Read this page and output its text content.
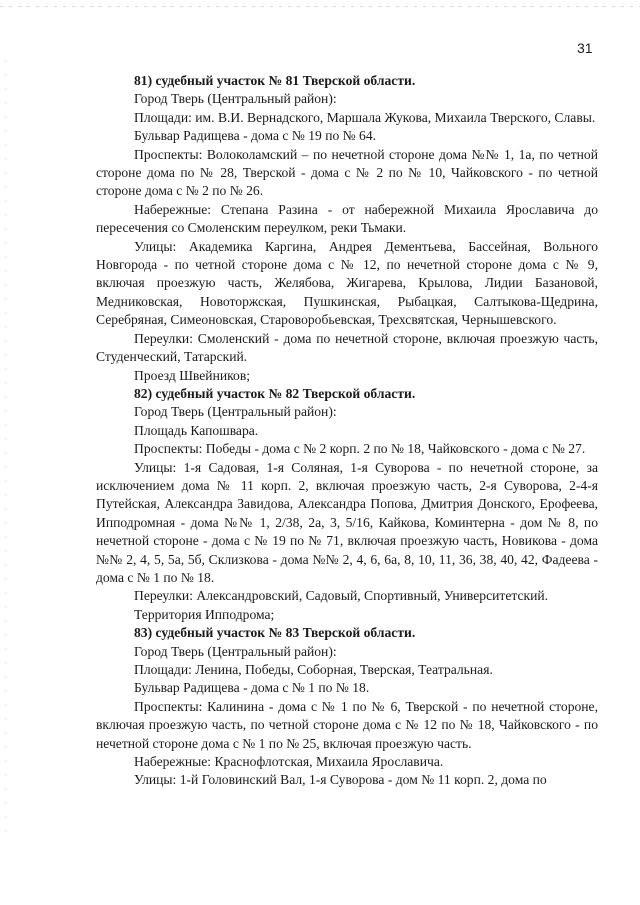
31

81) судебный участок № 81 Тверской области.

Город Тверь (Центральный район):

Площади: им. В.И. Вернадского, Маршала Жукова, Михаила Тверского, Славы.

Бульвар Радищева - дома с № 19 по № 64.

Проспекты: Волоколамский – по нечетной стороне дома №№ 1, 1а, по четной стороне дома по № 28, Тверской - дома с № 2 по № 10, Чайковского - по четной стороне дома с № 2 по № 26.

Набережные: Степана Разина - от набережной Михаила Ярославича до пересечения со Смоленским переулком, реки Тьмаки.

Улицы: Академика Каргина, Андрея Дементьева, Бассейная, Вольного Новгорода - по четной стороне дома с № 12, по нечетной стороне дома с № 9, включая проезжую часть, Желябова, Жигарева, Крылова, Лидии Базановой, Медниковская, Новоторжская, Пушкинская, Рыбацкая, Салтыкова-Щедрина, Серебряная, Симеоновская, Староворобьевская, Трехсвятская, Чернышевского.

Переулки: Смоленский - дома по нечетной стороне, включая проезжую часть, Студенческий, Татарский.

Проезд Швейников;

82) судебный участок № 82 Тверской области.

Город Тверь (Центральный район):

Площадь Капошвара.

Проспекты: Победы - дома с № 2 корп. 2 по № 18, Чайковского - дома с № 27.

Улицы: 1-я Садовая, 1-я Соляная, 1-я Суворова - по нечетной стороне, за исключением дома № 11 корп. 2, включая проезжую часть, 2-я Суворова, 2-4-я Путейская, Александра Завидова, Александра Попова, Дмитрия Донского, Ерофеева, Ипподромная - дома №№ 1, 2/38, 2а, 3, 5/16, Кайкова, Коминтерна - дом № 8, по нечетной стороне - дома с № 19 по № 71, включая проезжую часть, Новикова - дома №№ 2, 4, 5, 5а, 5б, Склизкова - дома №№ 2, 4, 6, 6а, 8, 10, 11, 36, 38, 40, 42, Фадеева - дома с № 1 по № 18.

Переулки: Александровский, Садовый, Спортивный, Университетский.

Территория Ипподрома;

83) судебный участок № 83 Тверской области.

Город Тверь (Центральный район):

Площади: Ленина, Победы, Соборная, Тверская, Театральная.

Бульвар Радищева - дома с № 1 по № 18.

Проспекты: Калинина - дома с № 1 по № 6, Тверской - по нечетной стороне, включая проезжую часть, по четной стороне дома с № 12 по № 18, Чайковского - по нечетной стороне дома с № 1 по № 25, включая проезжую часть.

Набережные: Краснофлотская, Михаила Ярославича.

Улицы: 1-й Головинский Вал, 1-я Суворова - дом № 11 корп. 2, дома по
